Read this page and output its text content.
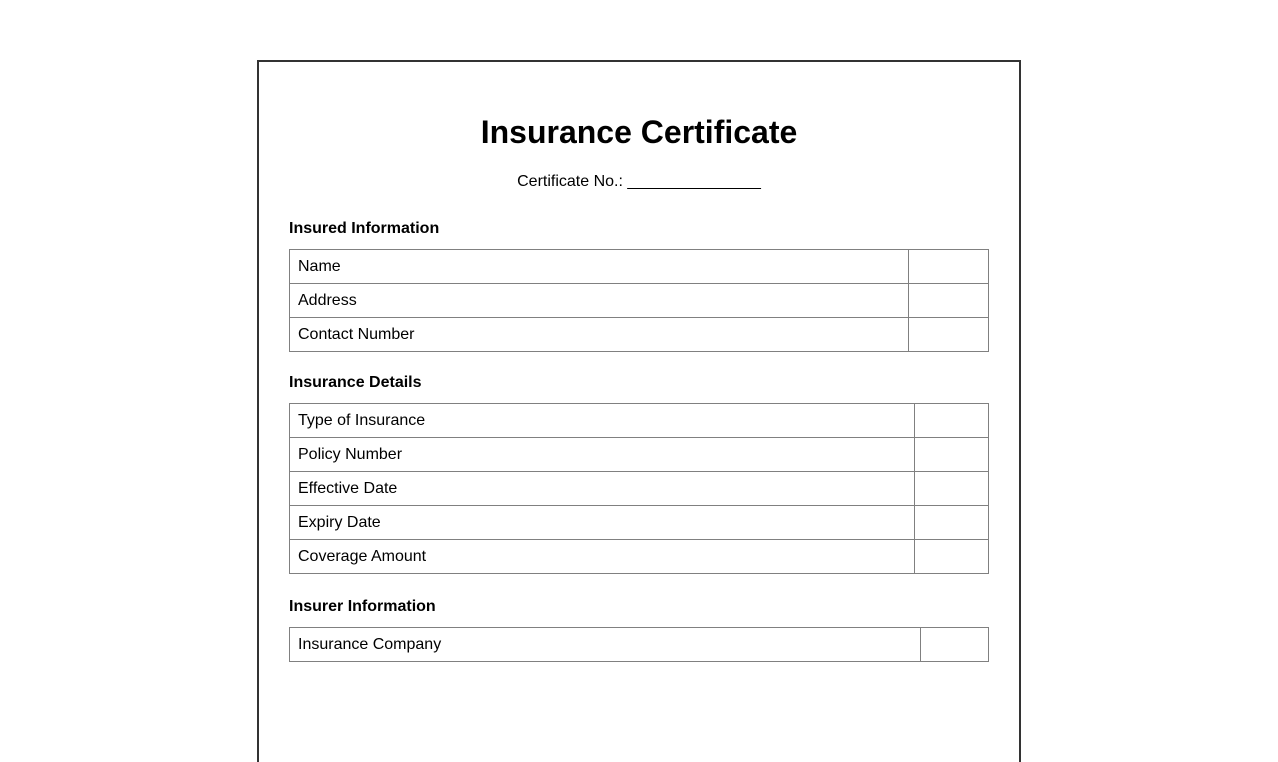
Insurance Certificate
Certificate No.: _______________
Insured Information
Name	
Address	
Contact Number	
Insurance Details
Type of Insurance	
Policy Number	
Effective Date	
Expiry Date	
Coverage Amount	
Insurer Information
Insurance Company	
